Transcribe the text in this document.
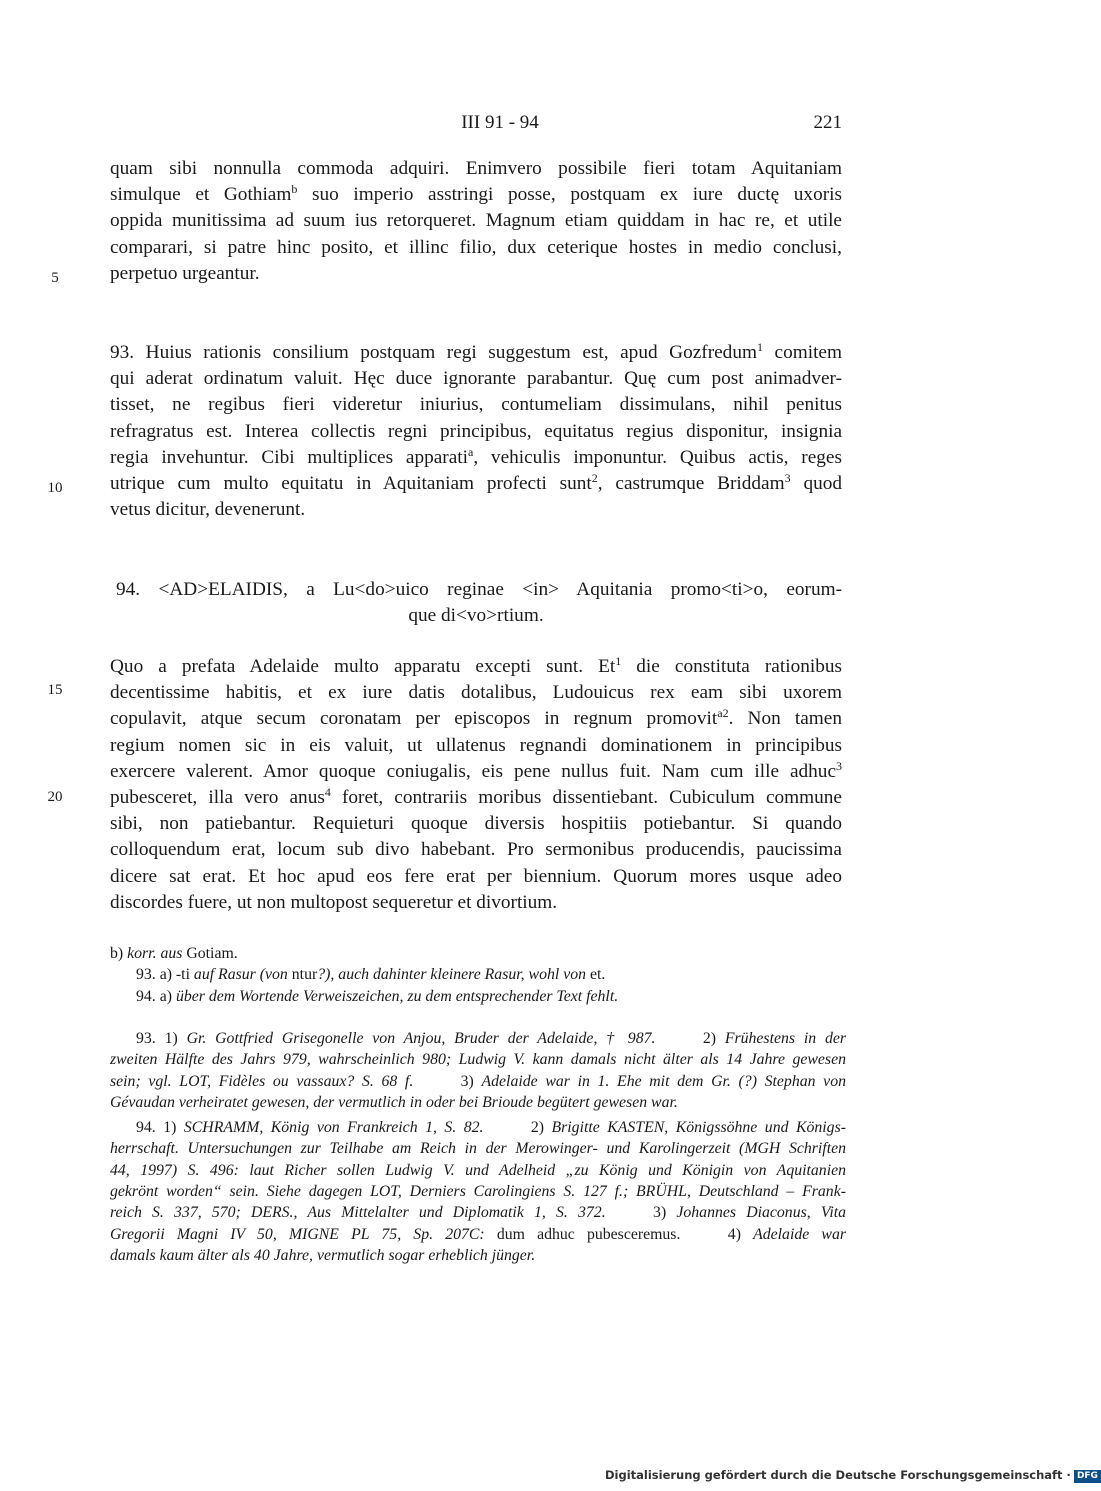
III 91 - 94	221
5
10
15
20
quam sibi nonnulla commoda adquiri. Enimvero possibile fieri totam Aquitaniam
simulque et Gothiam$^b$ suo imperio asstringi posse, postquam ex iure ductę uxoris
oppida munitissima ad suum ius retorqueret. Magnum etiam quiddam in hac re, et utile
comparari, si patre hinc posito, et illinc filio, dux ceterique hostes in medio conclusi,
perpetuo urgeantur.
93. Huius rationis consilium postquam regi suggestum est, apud Gozfredum$^1$ comitem
qui aderat ordinatum valuit. Hęc duce ignorante parabantur. Quę cum post animadver-
tisset, ne regibus fieri videretur iniurius, contumeliam dissimulans, nihil penitus
refragratus est. Interea collectis regni principibus, equitatus regius disponitur, insignia
regia invehuntur. Cibi multiplices apparati$^a$, vehiculis imponuntur. Quibus actis, reges
utrique cum multo equitatu in Aquitaniam profecti sunt$^2$, castrumque Briddam$^3$ quod
vetus dicitur, devenerunt.
94. <AD>ELAIDIS, a Lu<do>uico reginae <in> Aquitania promo<ti>o, eorum-
que di<vo>rtium.
Quo a prefata Adelaide multo apparatu excepti sunt. Et$^1$ die constituta rationibus
decentissime habitis, et ex iure datis dotalibus, Ludouicus rex eam sibi uxorem
copulavit, atque secum coronatam per episcopos in regnum promovit$^{a2}$. Non tamen
regium nomen sic in eis valuit, ut ullatenus regnandi dominationem in principibus
exercere valerent. Amor quoque coniugalis, eis pene nullus fuit. Nam cum ille adhuc$^3$
pubesceret, illa vero anus$^4$ foret, contrariis moribus dissentiebant. Cubiculum commune
sibi, non patiebantur. Requieturi quoque diversis hospitiis potiebantur. Si quando
colloquendum erat, locum sub divo habebant. Pro sermonibus producendis, paucissima
dicere sat erat. Et hoc apud eos fere erat per biennium. Quorum mores usque adeo
discordes fuere, ut non multopost sequeretur et divortium.
b) korr. aus Gotiam.
93. a) -ti auf Rasur (von ntur?), auch dahinter kleinere Rasur, wohl von et.
94. a) über dem Wortende Verweiszeichen, zu dem entsprechender Text fehlt.
93. 1) Gr. Gottfried Grisegonelle von Anjou, Bruder der Adelaide, † 987.   	2) Frühestens in der
zweiten Hälfte des Jahrs 979, wahrscheinlich 980; Ludwig V. kann damals nicht älter als 14 Jahre gewesen
sein; vgl. LOT, Fidèles ou vassaux? S. 68 f.   	3) Adelaide war in 1. Ehe mit dem Gr. (?) Stephan von
Gévaudan verheiratet gewesen, der vermutlich in oder bei Brioude begütert gewesen war.
94. 1) SCHRAMM, König von Frankreich 1, S. 82.   	2) Brigitte KASTEN, Königssöhne und Königs-
herrschaft. Untersuchungen zur Teilhabe am Reich in der Merowinger- und Karolingerzeit (MGH Schriften
44, 1997) S. 496: laut Richer sollen Ludwig V. und Adelheid „zu König und Königin von Aquitanien
gekrönt worden“ sein. Siehe dagegen LOT, Derniers Carolingiens S. 127 f.; BRÜHL, Deutschland – Frank-
reich S. 337, 570; DERS., Aus Mittelalter und Diplomatik 1, S. 372.   	3) Johannes Diaconus, Vita
Gregorii Magni IV 50, MIGNE PL 75, Sp. 207C: dum adhuc pubesceremus.   	4) Adelaide war
damals kaum älter als 40 Jahre, vermutlich sogar erheblich jünger.
Digitalisierung gefördert durch die Deutsche Forschungsgemeinschaft · DFG
